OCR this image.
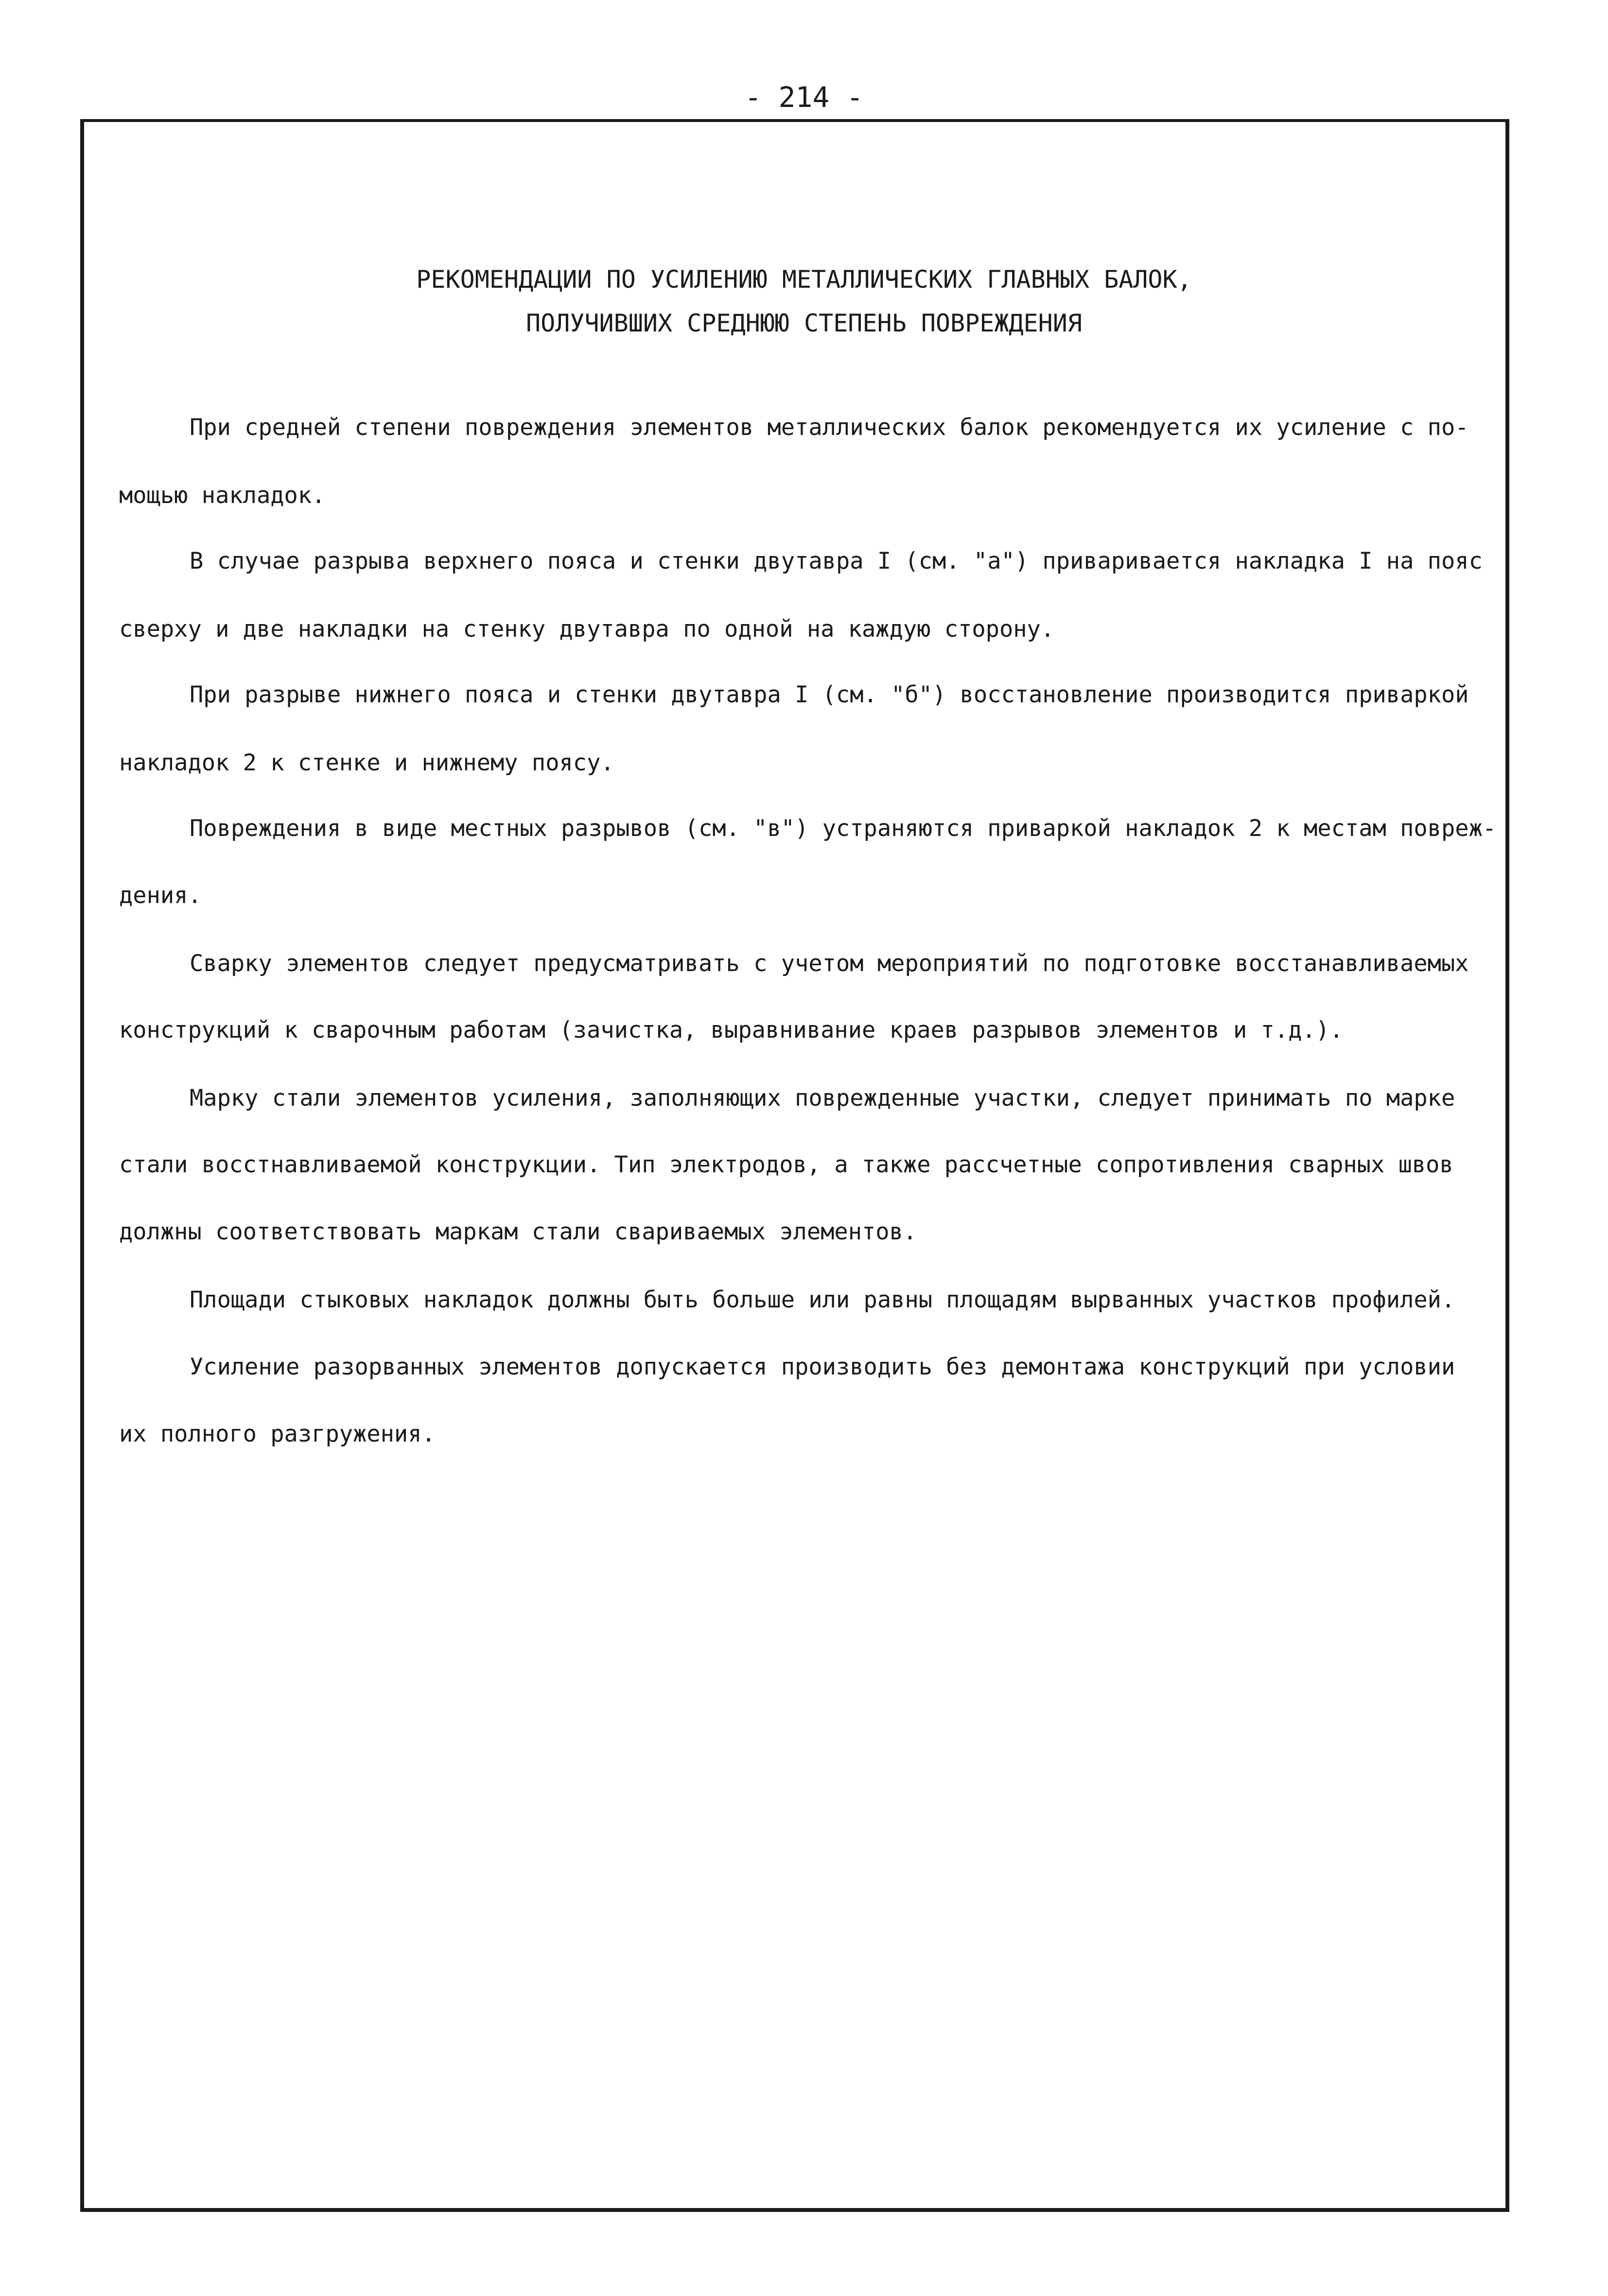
- 214 -
РЕКОМЕНДАЦИИ ПО УСИЛЕНИЮ МЕТАЛЛИЧЕСКИХ ГЛАВНЫХ БАЛОК,
ПОЛУЧИВШИХ СРЕДНЮЮ СТЕПЕНЬ ПОВРЕЖДЕНИЯ
При средней степени повреждения элементов металлических балок рекомендуется их усиление с по-
мощью накладок.
В случае разрыва верхнего пояса и стенки двутавра I (см. "а") приваривается накладка I на пояс
сверху и две накладки на стенку двутавра по одной на каждую сторону.
При разрыве нижнего пояса и стенки двутавра I (см. "б") восстановление производится приваркой
накладок 2 к стенке и нижнему поясу.
Повреждения в виде местных разрывов (см. "в") устраняются приваркой накладок 2 к местам повреж-
дения.
Сварку элементов следует предусматривать с учетом мероприятий по подготовке восстанавливаемых
конструкций к сварочным работам (зачистка, выравнивание краев разрывов элементов и т.д.).
Марку стали элементов усиления, заполняющих поврежденные участки, следует принимать по марке
стали восстнавливаемой конструкции. Тип электродов, а также рассчетные сопротивления сварных швов
должны соответствовать маркам стали свариваемых элементов.
Площади стыковых накладок должны быть больше или равны площадям вырванных участков профилей.
Усиление разорванных элементов допускается производить без демонтажа конструкций при условии
их полного разгружения.
